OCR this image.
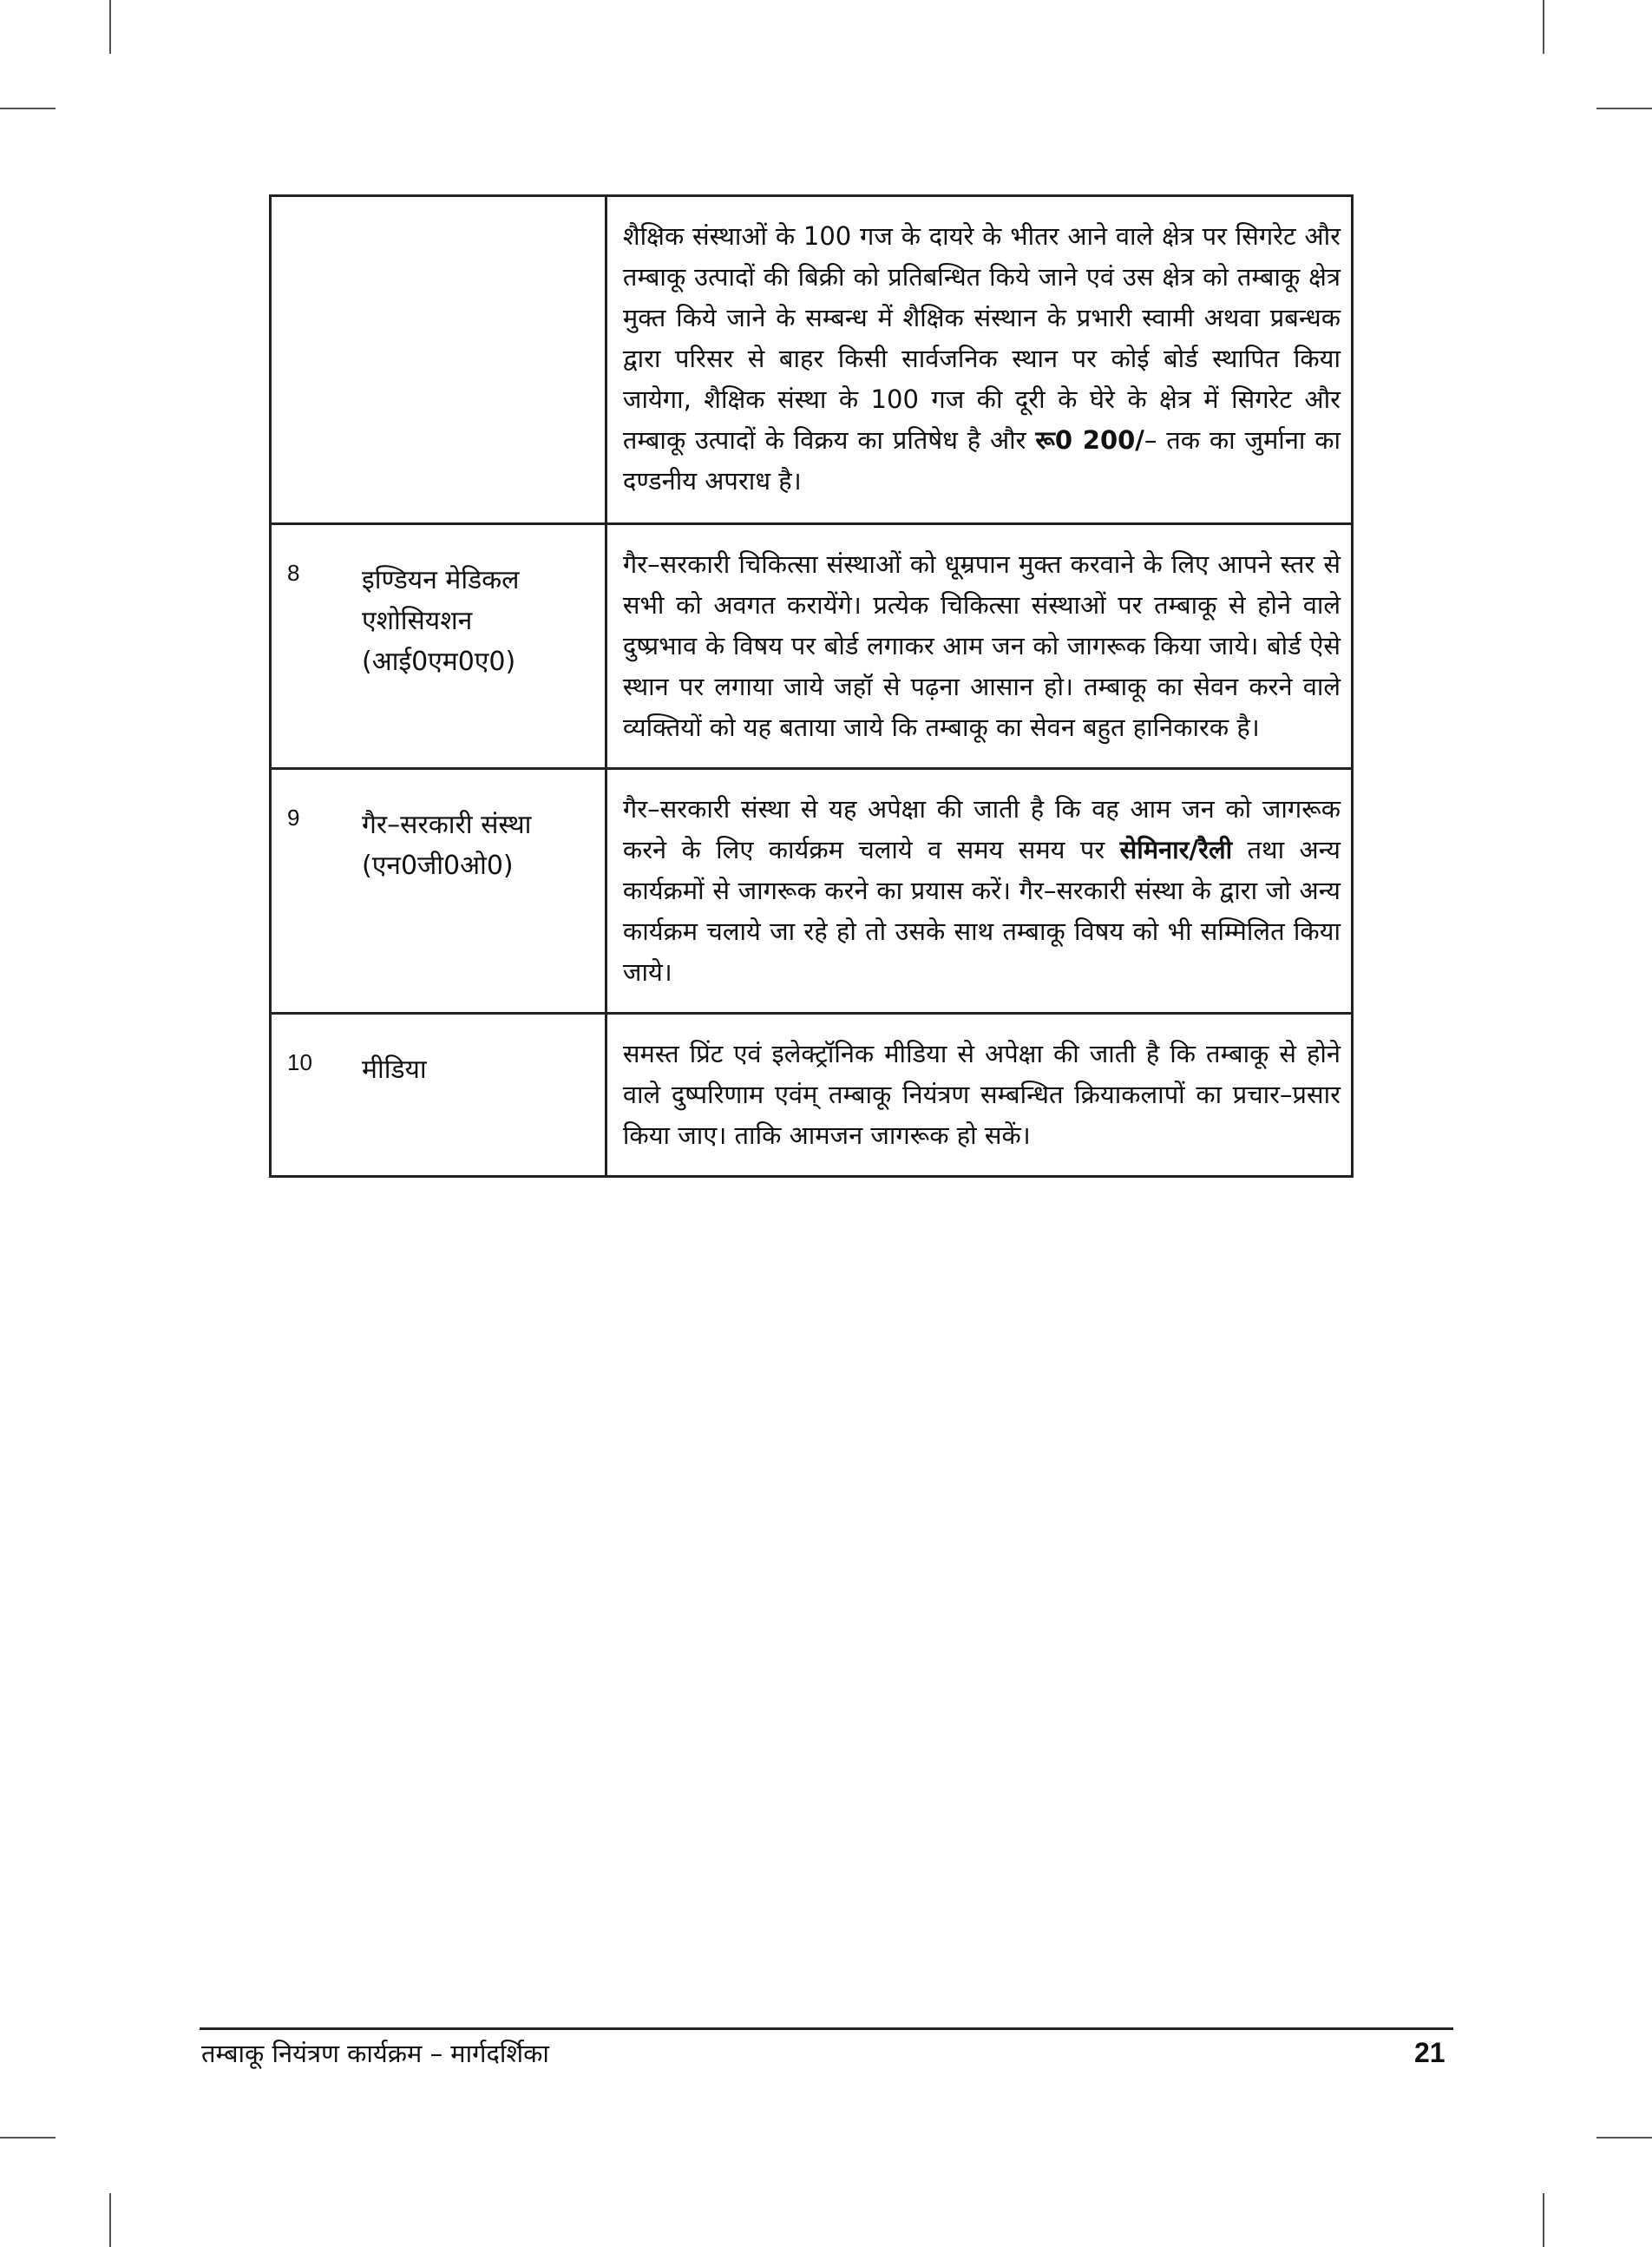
	शैक्षिक संस्थाओं के 100 गज के दायरे के भीतर आने वाले क्षेत्र पर सिगरेट और तम्बाकू उत्पादों की बिक्री को प्रतिबन्धित किये जाने एवं उस क्षेत्र को तम्बाकू क्षेत्र मुक्त किये जाने के सम्बन्ध में शैक्षिक संस्थान के प्रभारी स्वामी अथवा प्रबन्धक द्वारा परिसर से बाहर किसी सार्वजनिक स्थान पर कोई बोर्ड स्थापित किया जायेगा, शैक्षिक संस्था के 100 गज की दूरी के घेरे के क्षेत्र में सिगरेट और तम्बाकू उत्पादों के विक्रय का प्रतिषेध है और रू0 200/– तक का जुर्माना का दण्डनीय अपराध है।

8 इण्डियन मेडिकल एशोसियशन (आई0एम0ए0)	गैर–सरकारी चिकित्सा संस्थाओं को धूम्रपान मुक्त करवाने के लिए आपने स्तर से सभी को अवगत करायेंगे। प्रत्येक चिकित्सा संस्थाओं पर तम्बाकू से होने वाले दुष्प्रभाव के विषय पर बोर्ड लगाकर आम जन को जागरूक किया जाये। बोर्ड ऐसे स्थान पर लगाया जाये जहॉ से पढ़ना आसान हो। तम्बाकू का सेवन करने वाले व्यक्तियों को यह बताया जाये कि तम्बाकू का सेवन बहुत हानिकारक है।

9 गैर–सरकारी संस्था (एन0जी0ओ0)	गैर–सरकारी संस्था से यह अपेक्षा की जाती है कि वह आम जन को जागरूक करने के लिए कार्यक्रम चलाये व समय समय पर सेमिनार/रैली तथा अन्य कार्यक्रमों से जागरूक करने का प्रयास करें। गैर–सरकारी संस्था के द्वारा जो अन्य कार्यक्रम चलाये जा रहे हो तो उसके साथ तम्बाकू विषय को भी सम्मिलित किया जाये।

10 मीडिया	समस्त प्रिंट एवं इलेक्ट्रॉनिक मीडिया से अपेक्षा की जाती है कि तम्बाकू से होने वाले दुष्परिणाम एवंम् तम्बाकू नियंत्रण सम्बन्धित क्रियाकलापों का प्रचार–प्रसार किया जाए। ताकि आमजन जागरूक हो सकें।
तम्बाकू नियंत्रण कार्यक्रम – मार्गदर्शिका	21
